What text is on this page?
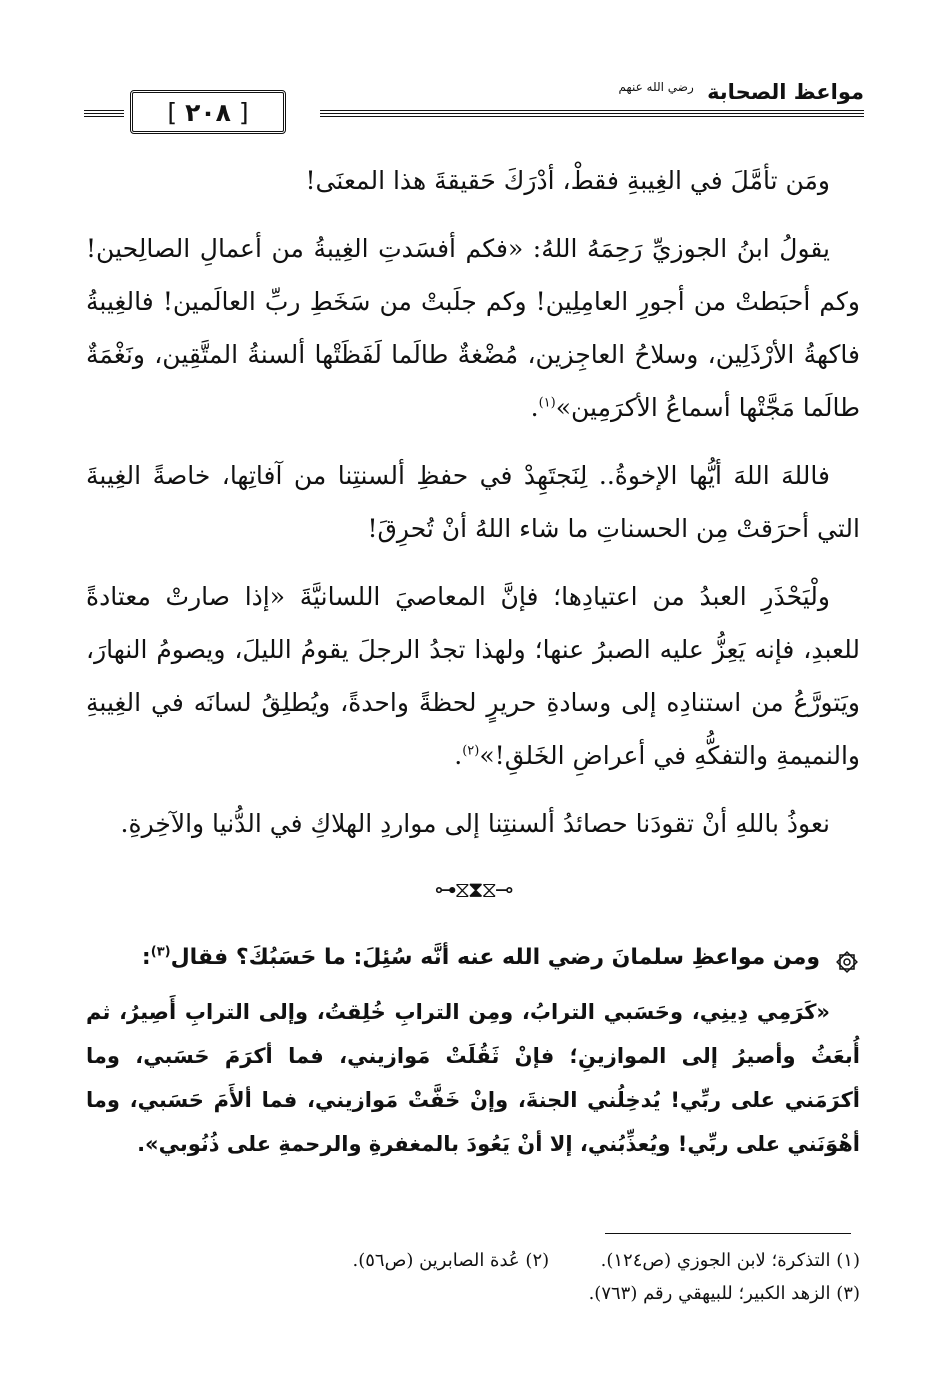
مواعظ الصحابة $^{رضي الله عنهم}$
[ ٢٠٨ ]

ومَن تأمَّلَ في الغِيبةِ فقطْ، أدْرَكَ حَقيقةَ هذا المعنَى!

يقولُ ابنُ الجوزيِّ رَحِمَهُ اللهُ: «فكم أفسَدتِ الغِيبةُ من أعمالِ الصالِحين! وكم أحبَطتْ من أجورِ العامِلِين! وكم جلَبتْ من سَخَطِ ربِّ العالَمين! فالغِيبةُ فاكهةُ الأرْذَلِين، وسلاحُ العاجِزين، مُضْغةٌ طالَما لَفَظَتْها ألسنةُ المتَّقِين، ونَغْمَةٌ طالَما مَجَّتْها أسماعُ الأكرَمِين»$^{(١)}$.

فاللهَ اللهَ أيُّها الإخوةُ.. لِنَجتَهِدْ في حفظِ ألسنتِنا من آفاتِها، خاصةً الغِيبةَ التي أحرَقتْ مِن الحسناتِ ما شاء اللهُ أنْ تُحرِقَ!

ولْيَحْذَرِ العبدُ من اعتيادِها؛ فإنَّ المعاصيَ اللسانيَّةَ «إذا صارتْ معتادةً للعبدِ، فإنه يَعِزُّ عليه الصبرُ عنها؛ ولهذا تجدُ الرجلَ يقومُ الليلَ، ويصومُ النهارَ، ويَتورَّعُ من استنادِه إلى وسادةِ حريرٍ لحظةً واحدةً، ويُطلِقُ لسانَه في الغِيبةِ والنميمةِ والتفكُّهِ في أعراضِ الخَلقِ!»$^{(٢)}$.

نعوذُ باللهِ أنْ تقودَنا حصائدُ ألسنتِنا إلى مواردِ الهلاكِ في الدُّنيا والآخِرةِ.

⊸⧖⧗⧖⊷
ومن مواعظِ سلمانَ رضي الله عنه أنَّه سُئِلَ: ما حَسَبُكَ؟ فقال$^{(٣)}$:

«كَرَمِي دِينِي، وحَسَبي الترابُ، ومِن الترابِ خُلِقتُ، وإلى الترابِ أَصِيرُ، ثم أُبعَثُ وأصيرُ إلى الموازينِ؛ فإنْ ثَقُلَتْ مَوازيني، فما أكرَمَ حَسَبي، وما أكرَمَني على ربِّي! يُدخِلُني الجنةَ، وإنْ خَفَّتْ مَوازيني، فما ألأَمَ حَسَبي، وما أهْوَنَني على ربِّي! ويُعذِّبُني، إلا أنْ يَعُودَ بالمغفرةِ والرحمةِ على ذُنُوبي».

( ١ ) التذكرة؛ لابن الجوزي (ص١٢٤).  ( ٢ ) عُدة الصابرين (ص٥٦).
( ٣ ) الزهد الكبير؛ للبيهقي رقم (٧٦٣).
